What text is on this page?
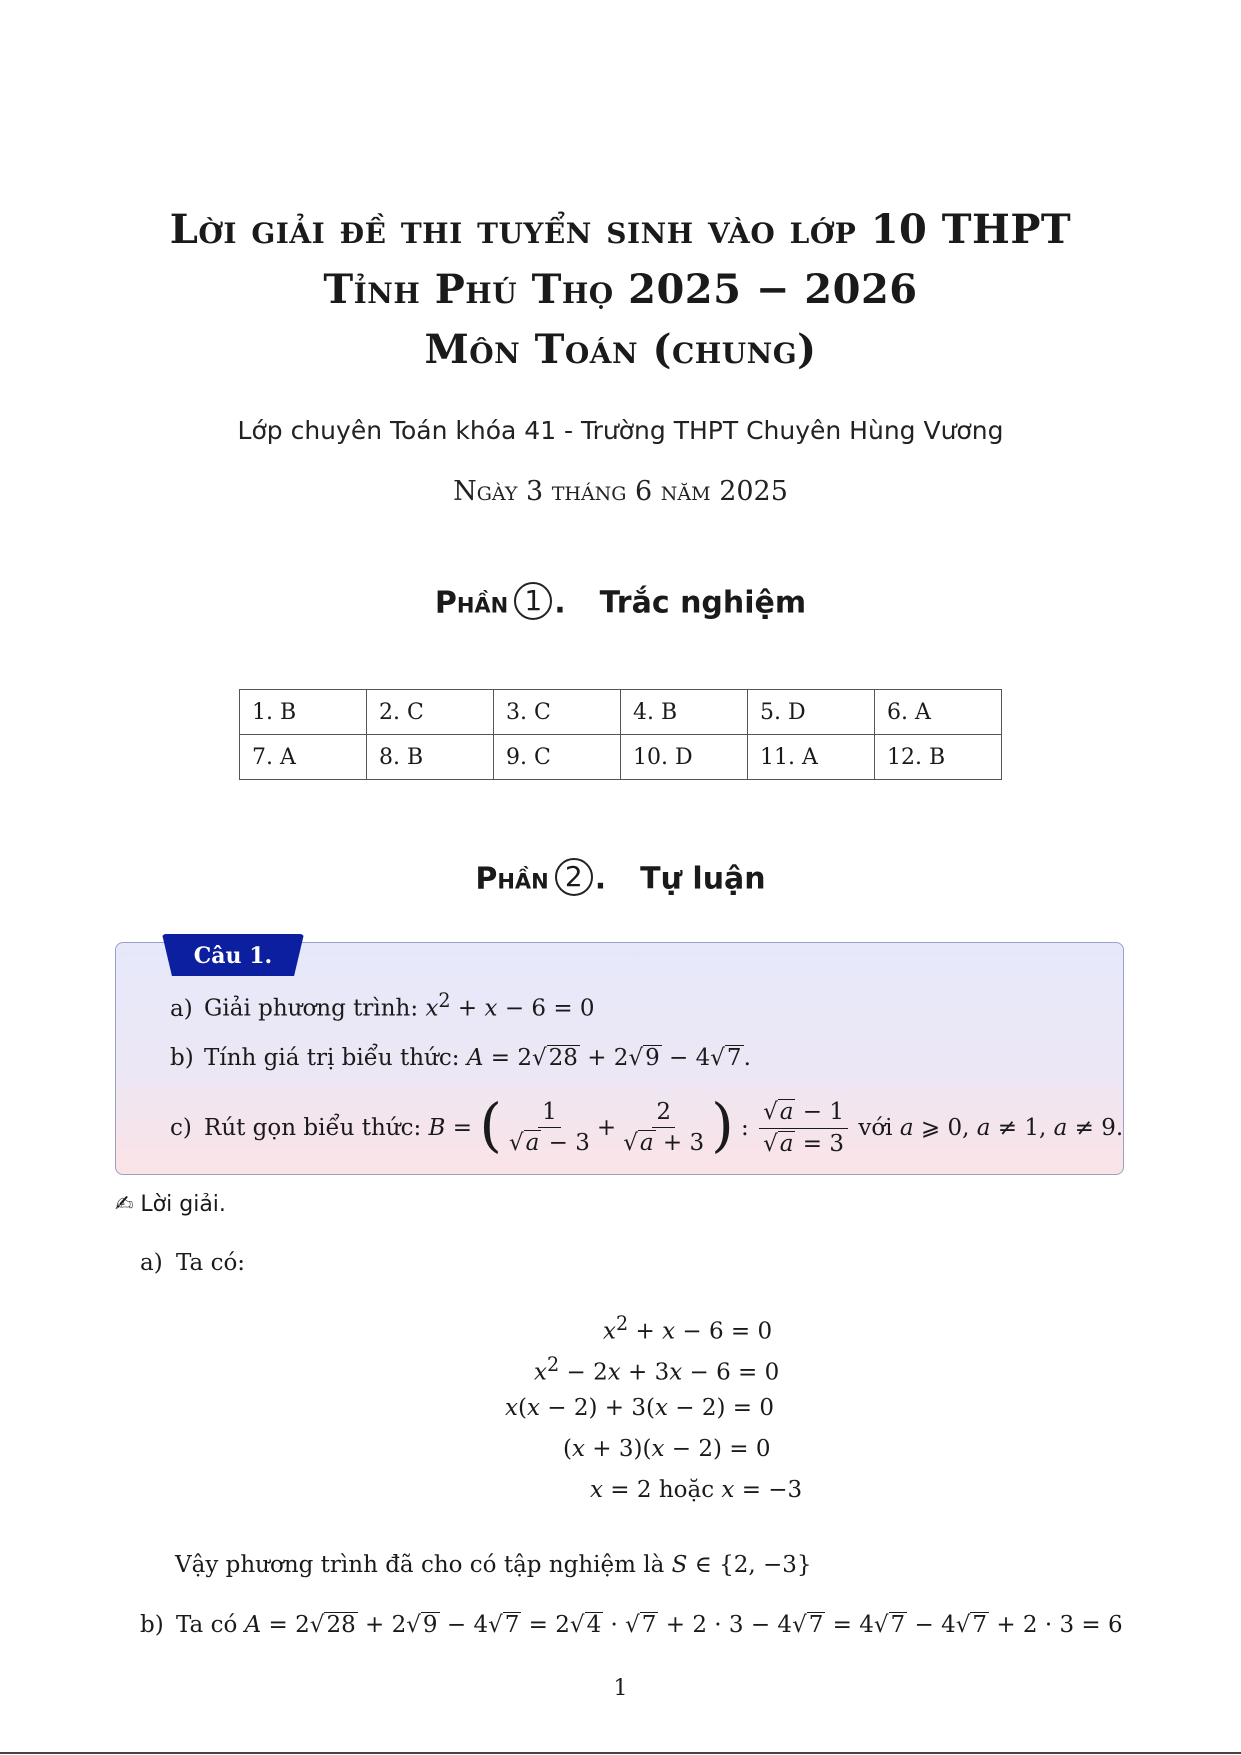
Lời giải đề thi tuyển sinh vào lớp 10 THPT
Tỉnh Phú Thọ 2025 − 2026
Môn Toán (chung)
Lớp chuyên Toán khóa 41 - Trường THPT Chuyên Hùng Vương
Ngày 3 tháng 6 năm 2025
Phần 1 . Trắc nghiệm
1. B	2. C	3. C	4. B	5. D	6. A
7. A	8. B	9. C	10. D	11. A	12. B
Phần 2 . Tự luận
Câu 1.
a) Giải phương trình: $x^2 + x - 6 = 0$
b) Tính giá trị biểu thức: A = 2√28 + 2√9 − 4√7.
c) Rút gọn biểu thức:
B = ( $\frac{1}{√a - 3} + \frac{2}{√a + 3}$ ) : $\frac{√a - 1}{√a = 3}$
với
a ⩾ 0, a ≠ 1, a ≠ 9.
✍ Lời giải.
a) Ta có:
$x^2 + x - 6 = 0$
$x^2 - 2x + 3x - 6 = 0$
x(x − 2) + 3(x − 2) = 0
(x + 3)(x − 2) = 0
x = 2 hoặc x = −3
Vậy phương trình đã cho có tập nghiệm là S ∈ {2, −3}
b) Ta có A = 2√28 + 2√9 − 4√7 = 2√4 · √7 + 2 · 3 − 4√7 = 4√7 − 4√7 + 2 · 3 = 6
1
